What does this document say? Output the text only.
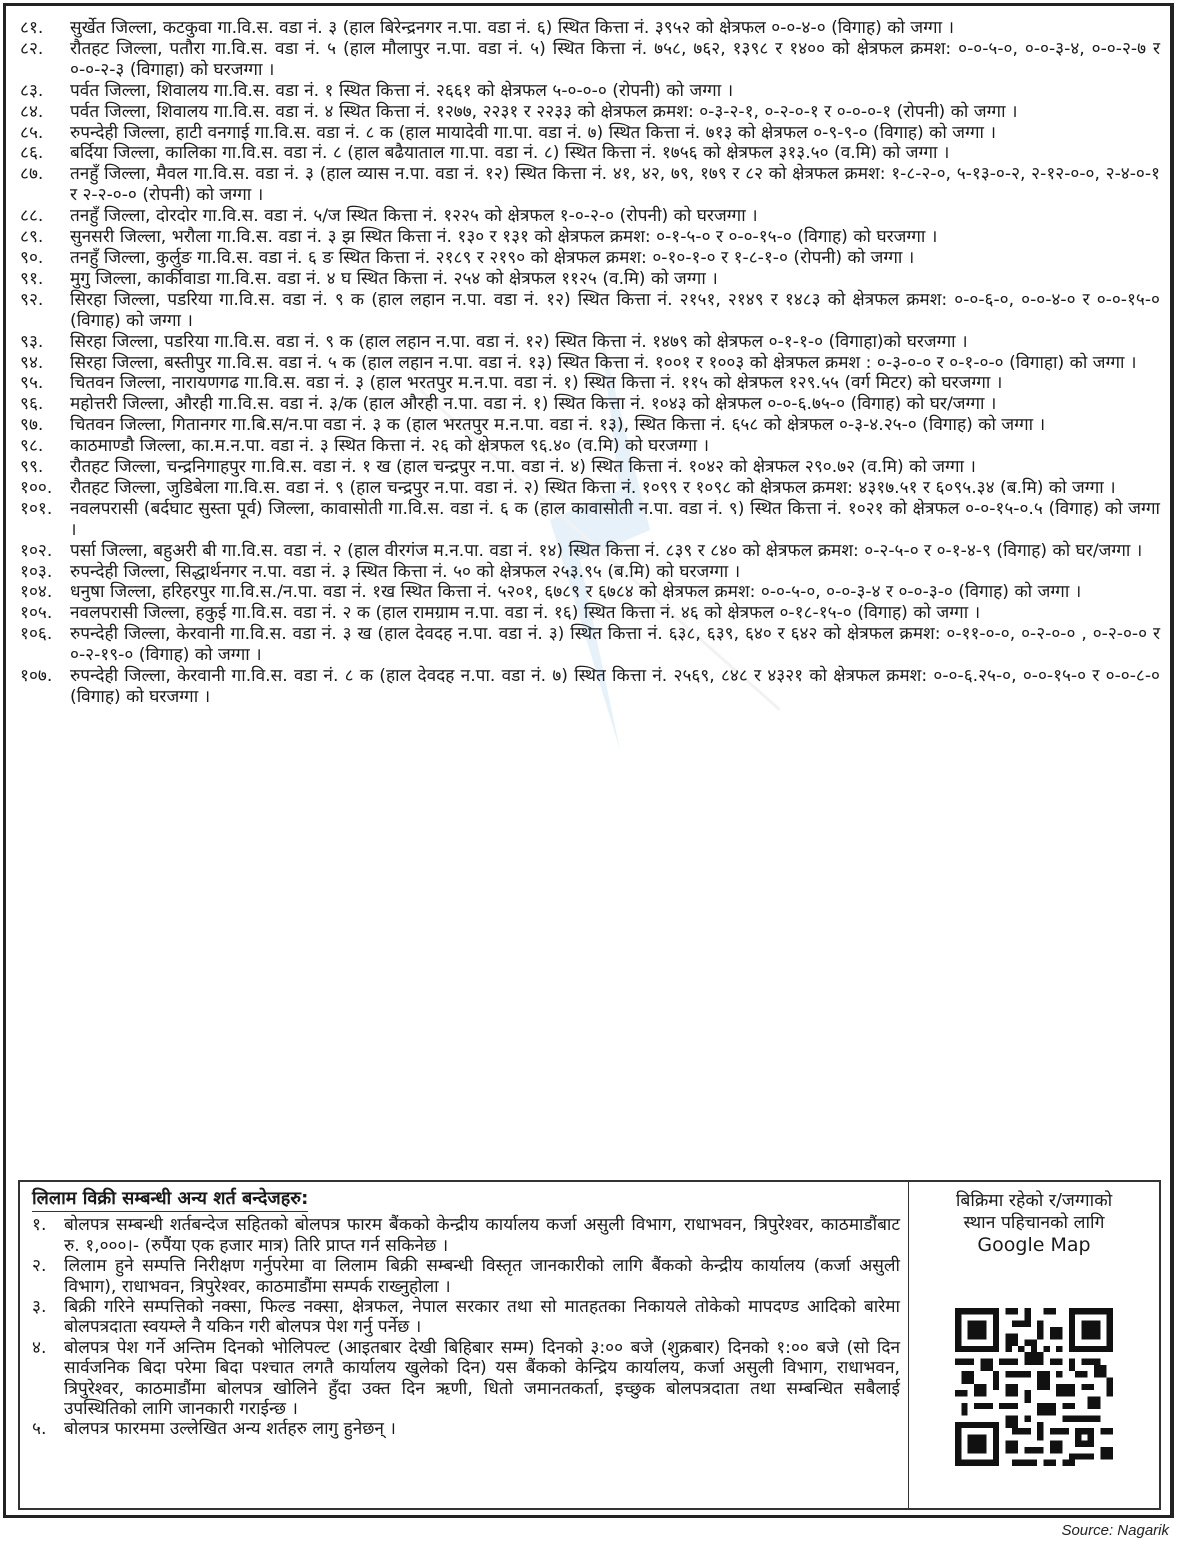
८१.	सुर्खेत जिल्ला, कटकुवा गा.वि.स. वडा नं. ३ (हाल बिरेन्द्रनगर न.पा. वडा नं. ६) स्थित कित्ता नं. ३९५२ को क्षेत्रफल ०-०-४-० (विगाह) को जग्गा ।
८२.	रौतहट जिल्ला, पतौरा गा.वि.स. वडा नं. ५ (हाल मौलापुर न.पा. वडा नं. ५) स्थित कित्ता नं. ७५८, ७६२, १३९८ र १४०० को क्षेत्रफल क्रमश: ०-०-५-०, ०-०-३-४, ०-०-२-७ र ०-०-२-३ (विगाहा) को घरजग्गा ।
८३.	पर्वत जिल्ला, शिवालय गा.वि.स. वडा नं. १ स्थित कित्ता नं. २६६१ को क्षेत्रफल ५-०-०-० (रोपनी) को जग्गा ।
८४.	पर्वत जिल्ला, शिवालय गा.वि.स. वडा नं. ४ स्थित कित्ता नं. १२७७, २२३१ र २२३३ को क्षेत्रफल क्रमश: ०-३-२-१, ०-२-०-१ र ०-०-०-१ (रोपनी) को जग्गा ।
८५.	रुपन्देही जिल्ला, हाटी वनगाई गा.वि.स. वडा नं. ८ क (हाल मायादेवी गा.पा. वडा नं. ७) स्थित कित्ता नं. ७१३ को क्षेत्रफल ०-९-९-० (विगाह) को जग्गा ।
८६.	बर्दिया जिल्ला, कालिका गा.वि.स. वडा नं. ८ (हाल बढैयाताल गा.पा. वडा नं. ८) स्थित कित्ता नं. १७५६ को क्षेत्रफल ३१३.५० (व.मि) को जग्गा ।
८७.	तनहुँ जिल्ला, मैवल गा.वि.स. वडा नं. ३ (हाल व्यास न.पा. वडा नं. १२) स्थित कित्ता नं. ४१, ४२, ७९, १७९ र ८२ को क्षेत्रफल क्रमश: १-८-२-०, ५-१३-०-२, २-१२-०-०, २-४-०-१ र २-२-०-० (रोपनी) को जग्गा ।
८८.	तनहुँ जिल्ला, दोरदोर गा.वि.स. वडा नं. ५/ज स्थित कित्ता नं. १२२५ को क्षेत्रफल १-०-२-० (रोपनी) को घरजग्गा ।
८९.	सुनसरी जिल्ला, भरौला गा.वि.स. वडा नं. ३ झ स्थित कित्ता नं. १३० र १३१ को क्षेत्रफल क्रमश: ०-१-५-० र ०-०-१५-० (विगाह) को घरजग्गा ।
९०.	तनहुँ जिल्ला, कुर्लुङ गा.वि.स. वडा नं. ६ ङ स्थित कित्ता नं. २१८९ र २१९० को क्षेत्रफल क्रमश: ०-१०-१-० र १-८-१-० (रोपनी) को जग्गा ।
९१.	मुगु जिल्ला, कार्कीवाडा गा.वि.स. वडा नं. ४ घ स्थित कित्ता नं. २५४ को क्षेत्रफल ११२५ (व.मि) को जग्गा ।
९२.	सिरहा जिल्ला, पडरिया गा.वि.स. वडा नं. ९ क (हाल लहान न.पा. वडा नं. १२) स्थित कित्ता नं. २१५१, २१४९ र १४८३ को क्षेत्रफल क्रमश: ०-०-६-०, ०-०-४-० र ०-०-१५-० (विगाह) को जग्गा ।
९३.	सिरहा जिल्ला, पडरिया गा.वि.स. वडा नं. ९ क (हाल लहान न.पा. वडा नं. १२) स्थित कित्ता नं. १४७९ को क्षेत्रफल ०-१-१-० (विगाहा)को घरजग्गा ।
९४.	सिरहा जिल्ला, बस्तीपुर गा.वि.स. वडा नं. ५ क (हाल लहान न.पा. वडा नं. १३) स्थित कित्ता नं. १००१ र १००३ को क्षेत्रफल क्रमश : ०-३-०-० र ०-१-०-० (विगाहा) को जग्गा ।
९५.	चितवन जिल्ला, नारायणगढ गा.वि.स. वडा नं. ३ (हाल भरतपुर म.न.पा. वडा नं. १) स्थित कित्ता नं. ११५ को क्षेत्रफल १२९.५५ (वर्ग मिटर) को घरजग्गा ।
९६.	महोत्तरी जिल्ला, औरही गा.वि.स. वडा नं. ३/क (हाल औरही न.पा. वडा नं. १) स्थित कित्ता नं. १०४३ को क्षेत्रफल ०-०-६.७५-० (विगाह) को घर/जग्गा ।
९७.	चितवन जिल्ला, गितानगर गा.बि.स/न.पा वडा नं. ३ क (हाल भरतपुर म.न.पा. वडा नं. १३), स्थित कित्ता नं. ६५८ को क्षेत्रफल ०-३-४.२५-० (विगाह) को जग्गा ।
९८.	काठमाण्डौ जिल्ला, का.म.न.पा. वडा नं. ३ स्थित कित्ता नं. २६ को क्षेत्रफल ९६.४० (व.मि) को घरजग्गा ।
९९.	रौतहट जिल्ला, चन्द्रनिगाहपुर गा.वि.स. वडा नं. १ ख (हाल चन्द्रपुर न.पा. वडा नं. ४) स्थित कित्ता नं. १०४२ को क्षेत्रफल २९०.७२ (व.मि) को जग्गा ।
१००.	रौतहट जिल्ला, जुडिबेला गा.वि.स. वडा नं. ९ (हाल चन्द्रपुर न.पा. वडा नं. २) स्थित कित्ता नं. १०९९ र १०९८ को क्षेत्रफल क्रमश: ४३१७.५१ र ६०९५.३४ (ब.मि) को जग्गा ।
१०१.	नवलपरासी (बर्दघाट सुस्ता पूर्व) जिल्ला, कावासोती गा.वि.स. वडा नं. ६ क (हाल कावासोती न.पा. वडा नं. ९) स्थित कित्ता नं. १०२१ को क्षेत्रफल ०-०-१५-०.५ (विगाह) को जग्गा ।
१०२.	पर्सा जिल्ला, बहुअरी बी गा.वि.स. वडा नं. २ (हाल वीरगंज म.न.पा. वडा नं. १४) स्थित कित्ता नं. ८३९ र ८४० को क्षेत्रफल क्रमश: ०-२-५-० र ०-१-४-९ (विगाह) को घर/जग्गा ।
१०३.	रुपन्देही जिल्ला, सिद्धार्थनगर न.पा. वडा नं. ३ स्थित कित्ता नं. ५० को क्षेत्रफल २५३.९५ (ब.मि) को घरजग्गा ।
१०४.	धनुषा जिल्ला, हरिहरपुर गा.वि.स./न.पा. वडा नं. १ख स्थित कित्ता नं. ५२०१, ६७८९ र ६७८४ को क्षेत्रफल क्रमश: ०-०-५-०, ०-०-३-४ र ०-०-३-० (विगाह) को जग्गा ।
१०५.	नवलपरासी जिल्ला, हकुई गा.वि.स. वडा नं. २ क (हाल रामग्राम न.पा. वडा नं. १६) स्थित कित्ता नं. ४६ को क्षेत्रफल ०-१८-१५-० (विगाह) को जग्गा ।
१०६.	रुपन्देही जिल्ला, केरवानी गा.वि.स. वडा नं. ३ ख (हाल देवदह न.पा. वडा नं. ३) स्थित कित्ता नं. ६३८, ६३९, ६४० र ६४२ को क्षेत्रफल क्रमश: ०-११-०-०, ०-२-०-० , ०-२-०-० र ०-२-१९-० (विगाह) को जग्गा ।
१०७.	रुपन्देही जिल्ला, केरवानी गा.वि.स. वडा नं. ८ क (हाल देवदह न.पा. वडा नं. ७) स्थित कित्ता नं. २५६९, ८४८ र ४३२१ को क्षेत्रफल क्रमश: ०-०-६.२५-०, ०-०-१५-० र ०-०-८-० (विगाह) को घरजग्गा ।
लिलाम विक्री सम्बन्धी अन्य शर्त बन्देजहरु:
१.	बोलपत्र सम्बन्धी शर्तबन्देज सहितको बोलपत्र फारम बैंकको केन्द्रीय कार्यालय कर्जा असुली विभाग, राधाभवन, त्रिपुरेश्वर, काठमाडौंबाट रु. १,०००।- (रुपैंया एक हजार मात्र) तिरि प्राप्त गर्न सकिनेछ ।
२.	लिलाम हुने सम्पत्ति निरीक्षण गर्नुपरेमा वा लिलाम बिक्री सम्बन्धी विस्तृत जानकारीको लागि बैंकको केन्द्रीय कार्यालय (कर्जा असुली विभाग), राधाभवन, त्रिपुरेश्वर, काठमाडौंमा सम्पर्क राख्नुहोला ।
३.	बिक्री गरिने सम्पत्तिको नक्सा, फिल्ड नक्सा, क्षेत्रफल, नेपाल सरकार तथा सो मातहतका निकायले तोकेको मापदण्ड आदिको बारेमा बोलपत्रदाता स्वयम्ले नै यकिन गरी बोलपत्र पेश गर्नु पर्नेछ ।
४.	बोलपत्र पेश गर्ने अन्तिम दिनको भोलिपल्ट (आइतबार देखी बिहिबार सम्म) दिनको ३:०० बजे (शुक्रबार) दिनको १:०० बजे (सो दिन सार्वजनिक बिदा परेमा बिदा पश्चात लगतै कार्यालय खुलेको दिन) यस बैंकको केन्द्रिय कार्यालय, कर्जा असुली विभाग, राधाभवन, त्रिपुरेश्वर, काठमाडौंमा बोलपत्र खोलिने हुँदा उक्त दिन ऋणी, धितो जमानतकर्ता, इच्छुक बोलपत्रदाता तथा सम्बन्धित सबैलाई उपस्थितिको लागि जानकारी गराईन्छ ।
५.	बोलपत्र फारममा उल्लेखित अन्य शर्तहरु लागु हुनेछन् ।
बिक्रिमा रहेको र/जग्गाको
स्थान पहिचानको लागि
Google Map
Source: Nagarik
